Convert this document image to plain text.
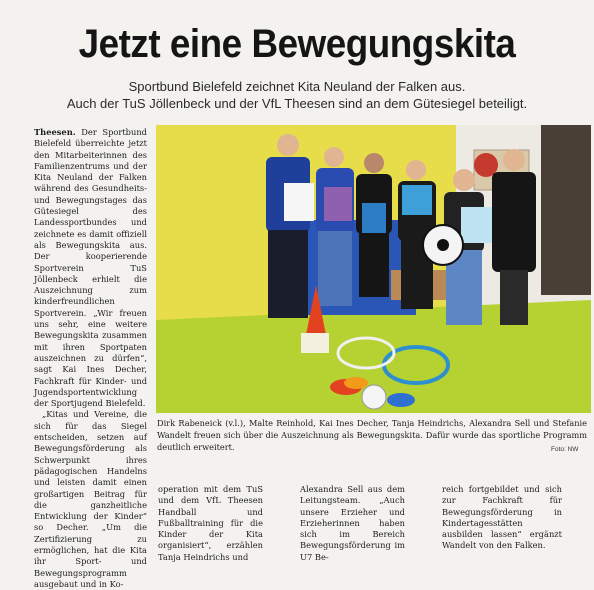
Jetzt eine Bewegungskita
Sportbund Bielefeld zeichnet Kita Neuland der Falken aus.
Auch der TuS Jöllenbeck und der VfL Theesen sind an dem Gütesiegel beteiligt.

Theesen. Der Sportbund Bielefeld überreichte jetzt den Mitarbeiterinnen des Familienzentrums und der Kita Neuland der Falken während des Gesundheits- und Bewegungstages das Gütesiegel des Landessportbundes und zeichnete es damit offiziell als Bewegungskita aus. Der kooperierende Sportverein TuS Jöllenbeck erhielt die Auszeichnung zum kinderfreundlichen Sportverein. „Wir freuen uns sehr, eine weitere Bewegungskita zusammen mit ihren Sportpaten auszeichnen zu dürfen“, sagt Kai Ines Decher, Fachkraft für Kinder- und Jugendsportentwicklung der Sportjugend Bielefeld.

„Kitas und Vereine, die sich für das Siegel entscheiden, setzen auf Bewegungsförderung als Schwerpunkt ihres pädagogischen Handelns und leisten damit einen großartigen Beitrag für die ganzheitliche Entwicklung der Kinder“ so Decher. „Um die Zertifizierung zu ermöglichen, hat die Kita ihr Sport- und Bewegungsprogramm ausgebaut und in Ko-

Dirk Rabeneick (v.l.), Malte Reinhold, Kai Ines Decher, Tanja Heindrichs, Alexandra Sell und Stefanie Wandelt freuen sich über die Auszeichnung als Bewegungskita. Dafür wurde das sportliche Programm deutlich erweitert.	Foto: NW

operation mit dem TuS und dem VfL Theesen Handball und Fußballtraining für die Kinder der Kita organisiert“, erzählen Tanja Heindrichs und

Alexandra Sell aus dem Leitungsteam. „Auch unsere Erzieher und Erzieherinnen haben sich im Bereich Bewegungsförderung im U7 Be-

reich fortgebildet und sich zur Fachkraft für Bewegungsförderung in Kindertagesstätten ausbilden lassen“ ergänzt Wandelt von den Falken.
